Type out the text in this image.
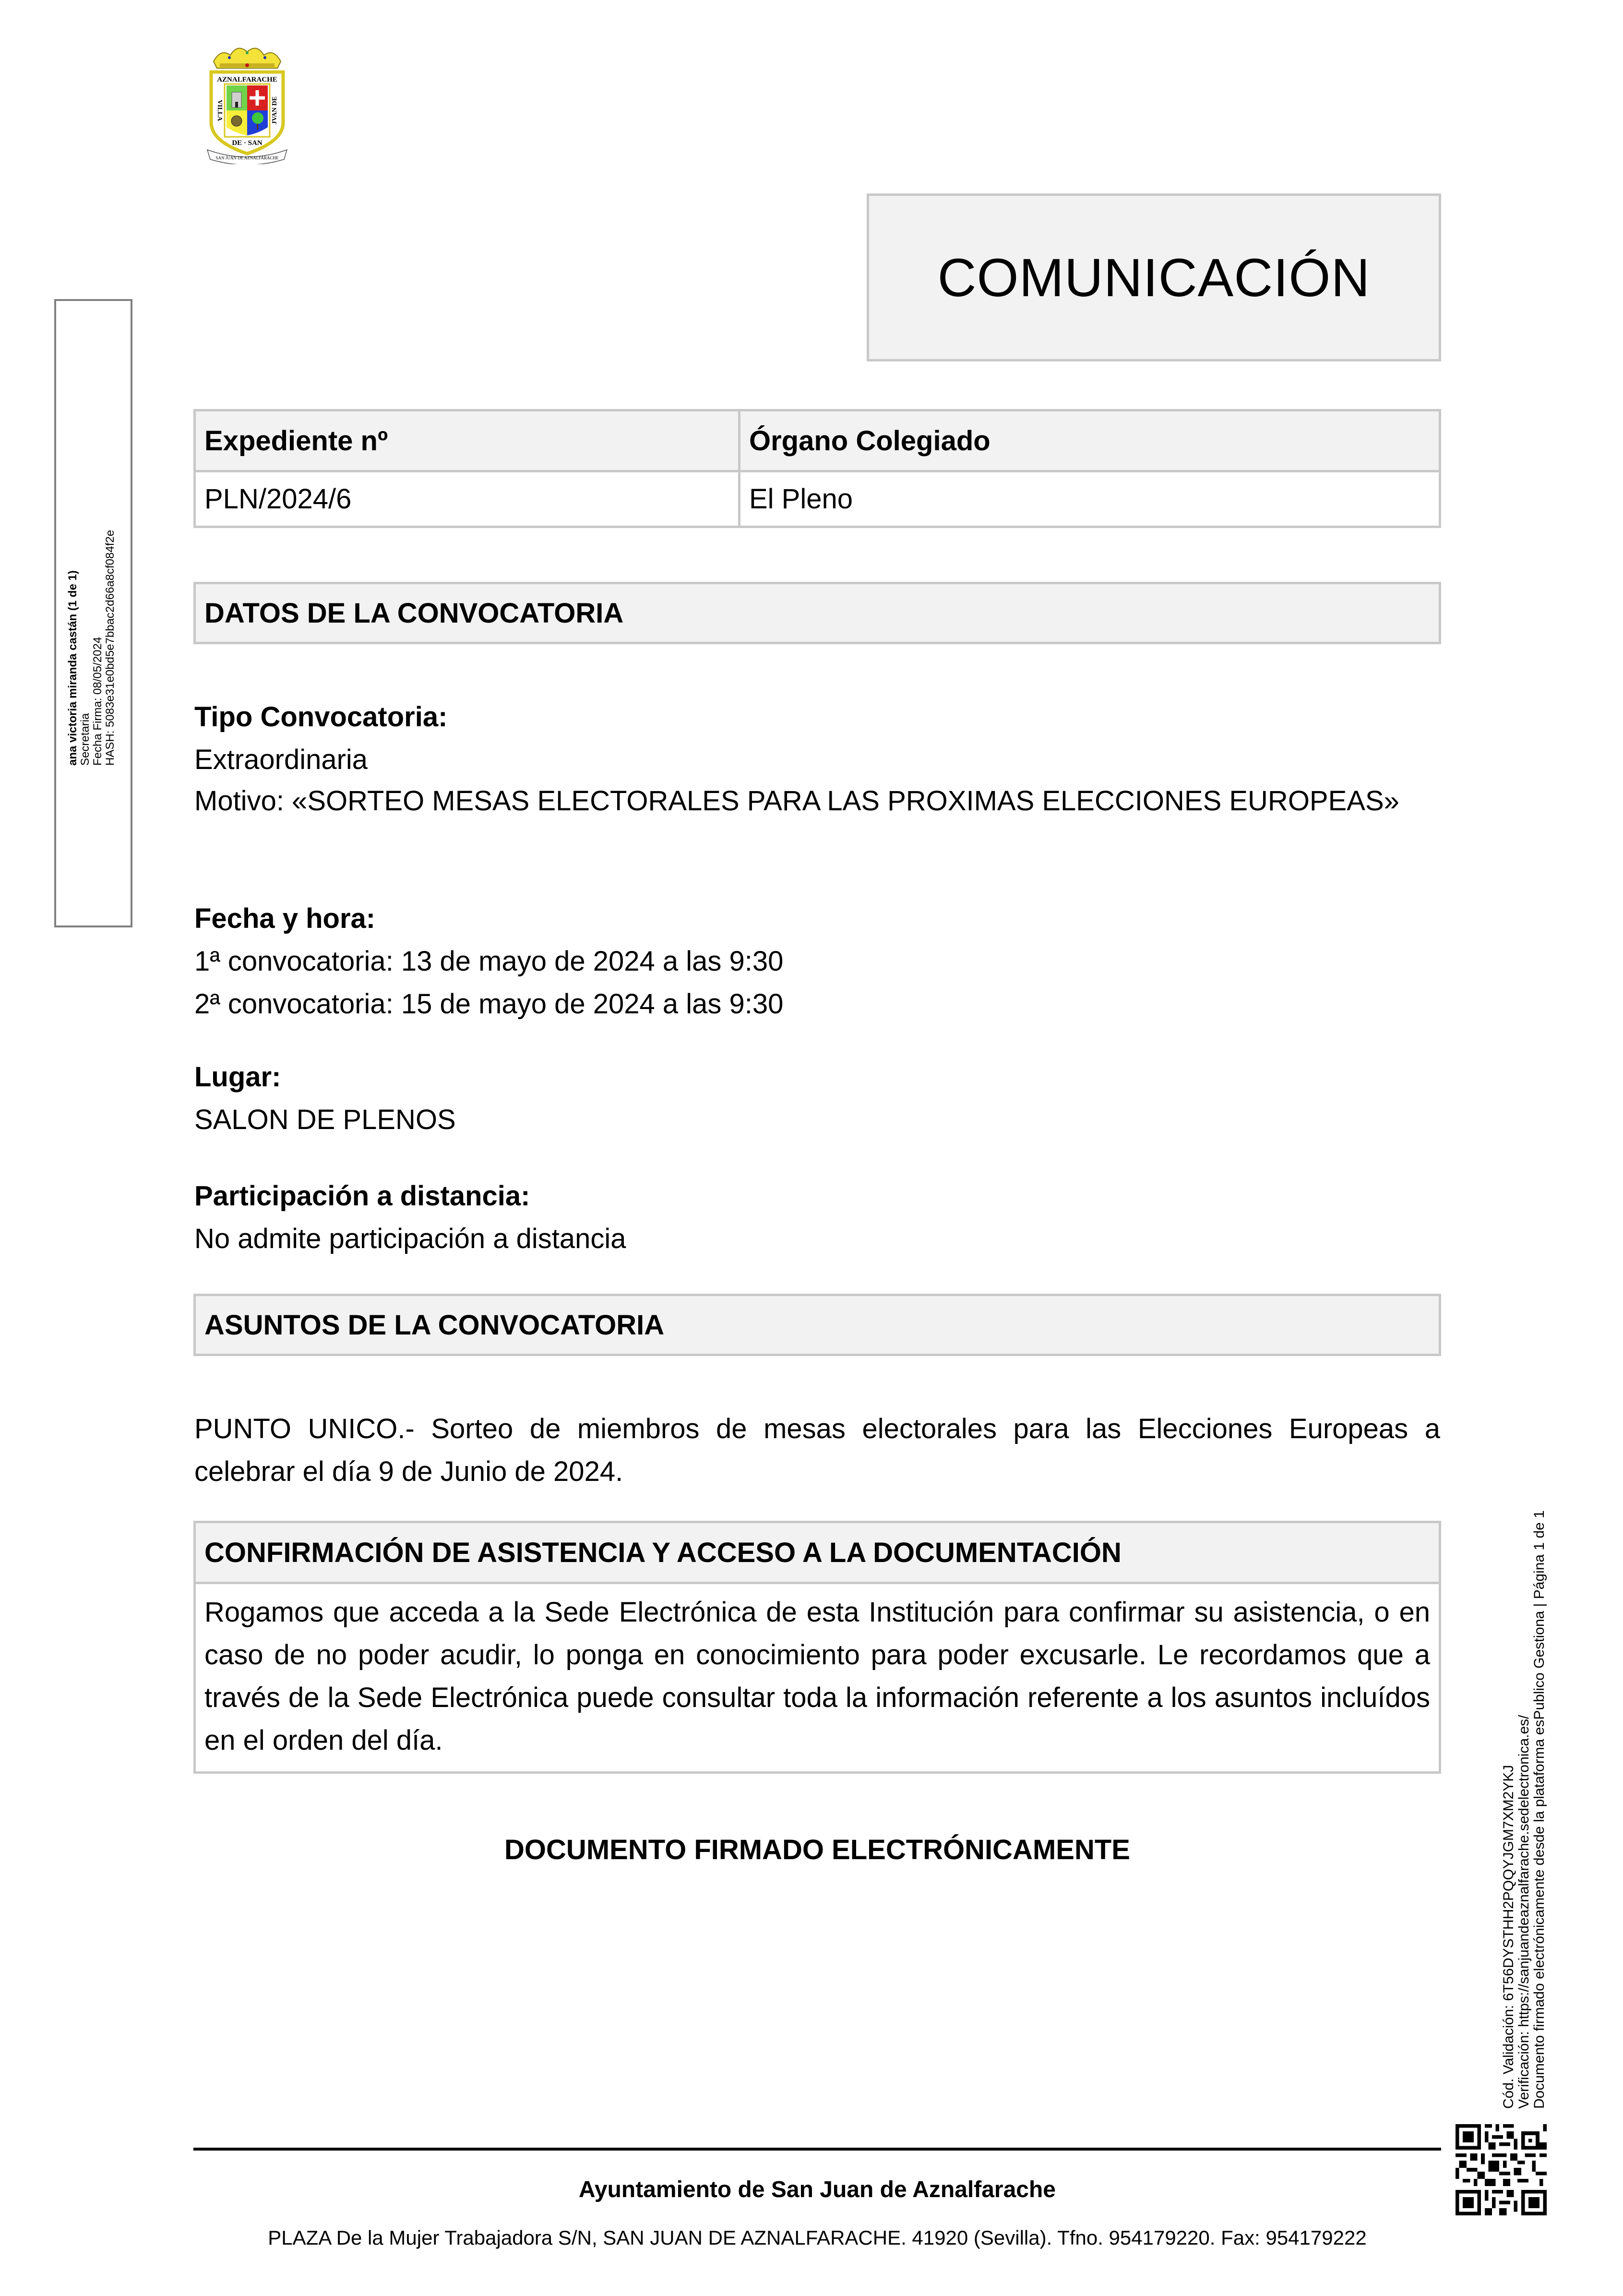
AZNALFARACHE
VILLA	JVAN DE
DE · SAN
SAN JUAN DE AZNALFARACHE
ana victoria miranda castán (1 de 1) Secretaria Fecha Firma: 08/05/2024 HASH: 5083e31e0bd5e7bbac2d66a8cf084f2e
COMUNICACIÓN
Expediente nº	Órgano Colegiado
PLN/2024/6	El Pleno
DATOS DE LA CONVOCATORIA
Tipo Convocatoria:
Extraordinaria
Motivo: «SORTEO MESAS ELECTORALES PARA LAS PROXIMAS ELECCIONES EUROPEAS»
Fecha y hora:
1ª convocatoria: 13 de mayo de 2024 a las 9:30
2ª convocatoria: 15 de mayo de 2024 a las 9:30
Lugar:
SALON DE PLENOS
Participación a distancia:
No admite participación a distancia
ASUNTOS DE LA CONVOCATORIA
PUNTO UNICO.- Sorteo de miembros de mesas electorales para las Elecciones Europeas a celebrar el día 9 de Junio de 2024.
CONFIRMACIÓN DE ASISTENCIA Y ACCESO A LA DOCUMENTACIÓN
Rogamos que acceda a la Sede Electrónica de esta Institución para confirmar su asistencia, o en caso de no poder acudir, lo ponga en conocimiento para poder excusarle. Le recordamos que a través de la Sede Electrónica puede consultar toda la información referente a los asuntos incluídos en el orden del día.
DOCUMENTO FIRMADO ELECTRÓNICAMENTE
Ayuntamiento de San Juan de Aznalfarache
PLAZA De la Mujer Trabajadora S/N, SAN JUAN DE AZNALFARACHE. 41920 (Sevilla). Tfno. 954179220. Fax: 954179222
Cód. Validación: 6T56DYSTHH2PQQYJGM7XM2YKJ Verificación: https://sanjuandeaznalfarache.sedelectronica.es/ Documento firmado electrónicamente desde la plataforma esPublico Gestiona | Página 1 de 1
